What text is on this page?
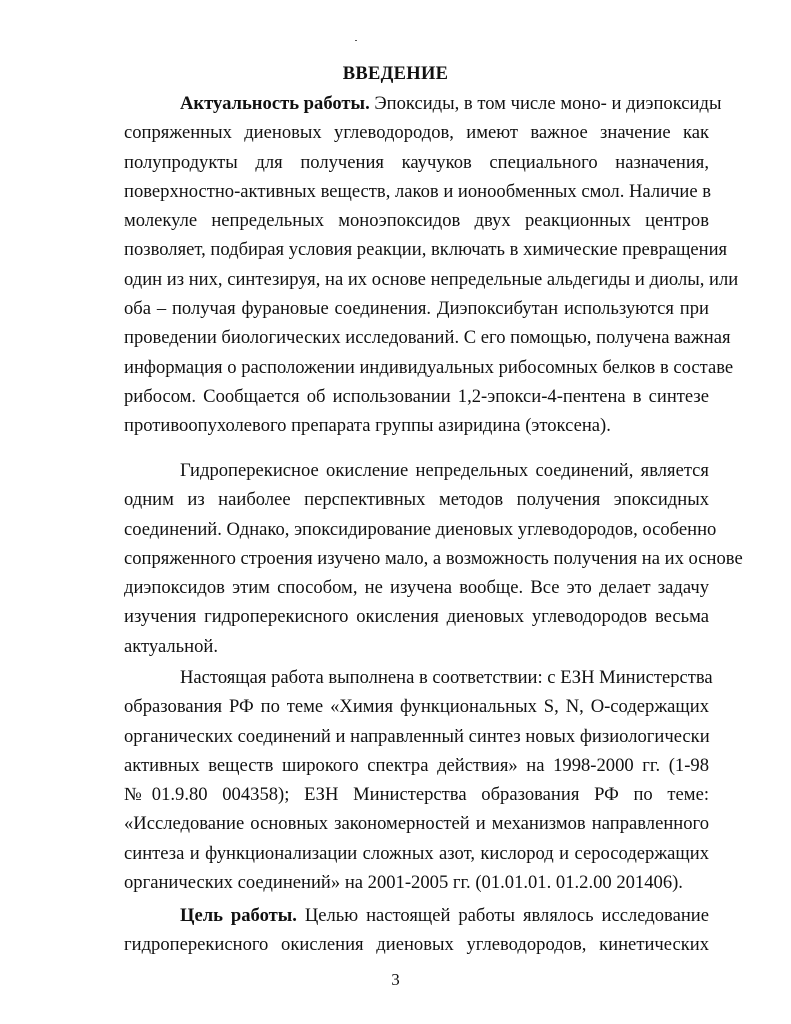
ВВЕДЕНИЕ
Актуальность работы. Эпоксиды, в том числе моно- и диэпоксиды
сопряженных диеновых углеводородов, имеют важное значение как
полупродукты для получения каучуков специального назначения,
поверхностно-активных веществ, лаков и ионообменных смол. Наличие в
молекуле непредельных моноэпоксидов двух реакционных центров
позволяет, подбирая условия реакции, включать в химические превращения
один из них, синтезируя, на их основе непредельные альдегиды и диолы, или
оба – получая фурановые соединения. Диэпоксибутан используются при
проведении биологических исследований. С его помощью, получена важная
информация о расположении индивидуальных рибосомных белков в составе
рибосом. Сообщается об использовании 1,2-эпокси-4-пентена в синтезе
противоопухолевого препарата группы азиридина (этоксена).
Гидроперекисное окисление непредельных соединений, является
одним из наиболее перспективных методов получения эпоксидных
соединений. Однако, эпоксидирование диеновых углеводородов, особенно
сопряженного строения изучено мало, а возможность получения на их основе
диэпоксидов этим способом, не изучена вообще. Все это делает задачу
изучения гидроперекисного окисления диеновых углеводородов весьма
актуальной.
Настоящая работа выполнена в соответствии: с ЕЗН Министерства
образования РФ по теме «Химия функциональных S, N, O-содержащих
органических соединений и направленный синтез новых физиологически
активных веществ широкого спектра действия» на 1998-2000 гг. (1-98
№01.9.80 004358); ЕЗН Министерства образования РФ по теме:
«Исследование основных закономерностей и механизмов направленного
синтеза и функционализации сложных азот, кислород и серосодержащих
органических соединений» на 2001-2005 гг. (01.01.01. 01.2.00 201406).
Цель работы. Целью настоящей работы являлось исследование
гидроперекисного окисления диеновых углеводородов, кинетических

3
